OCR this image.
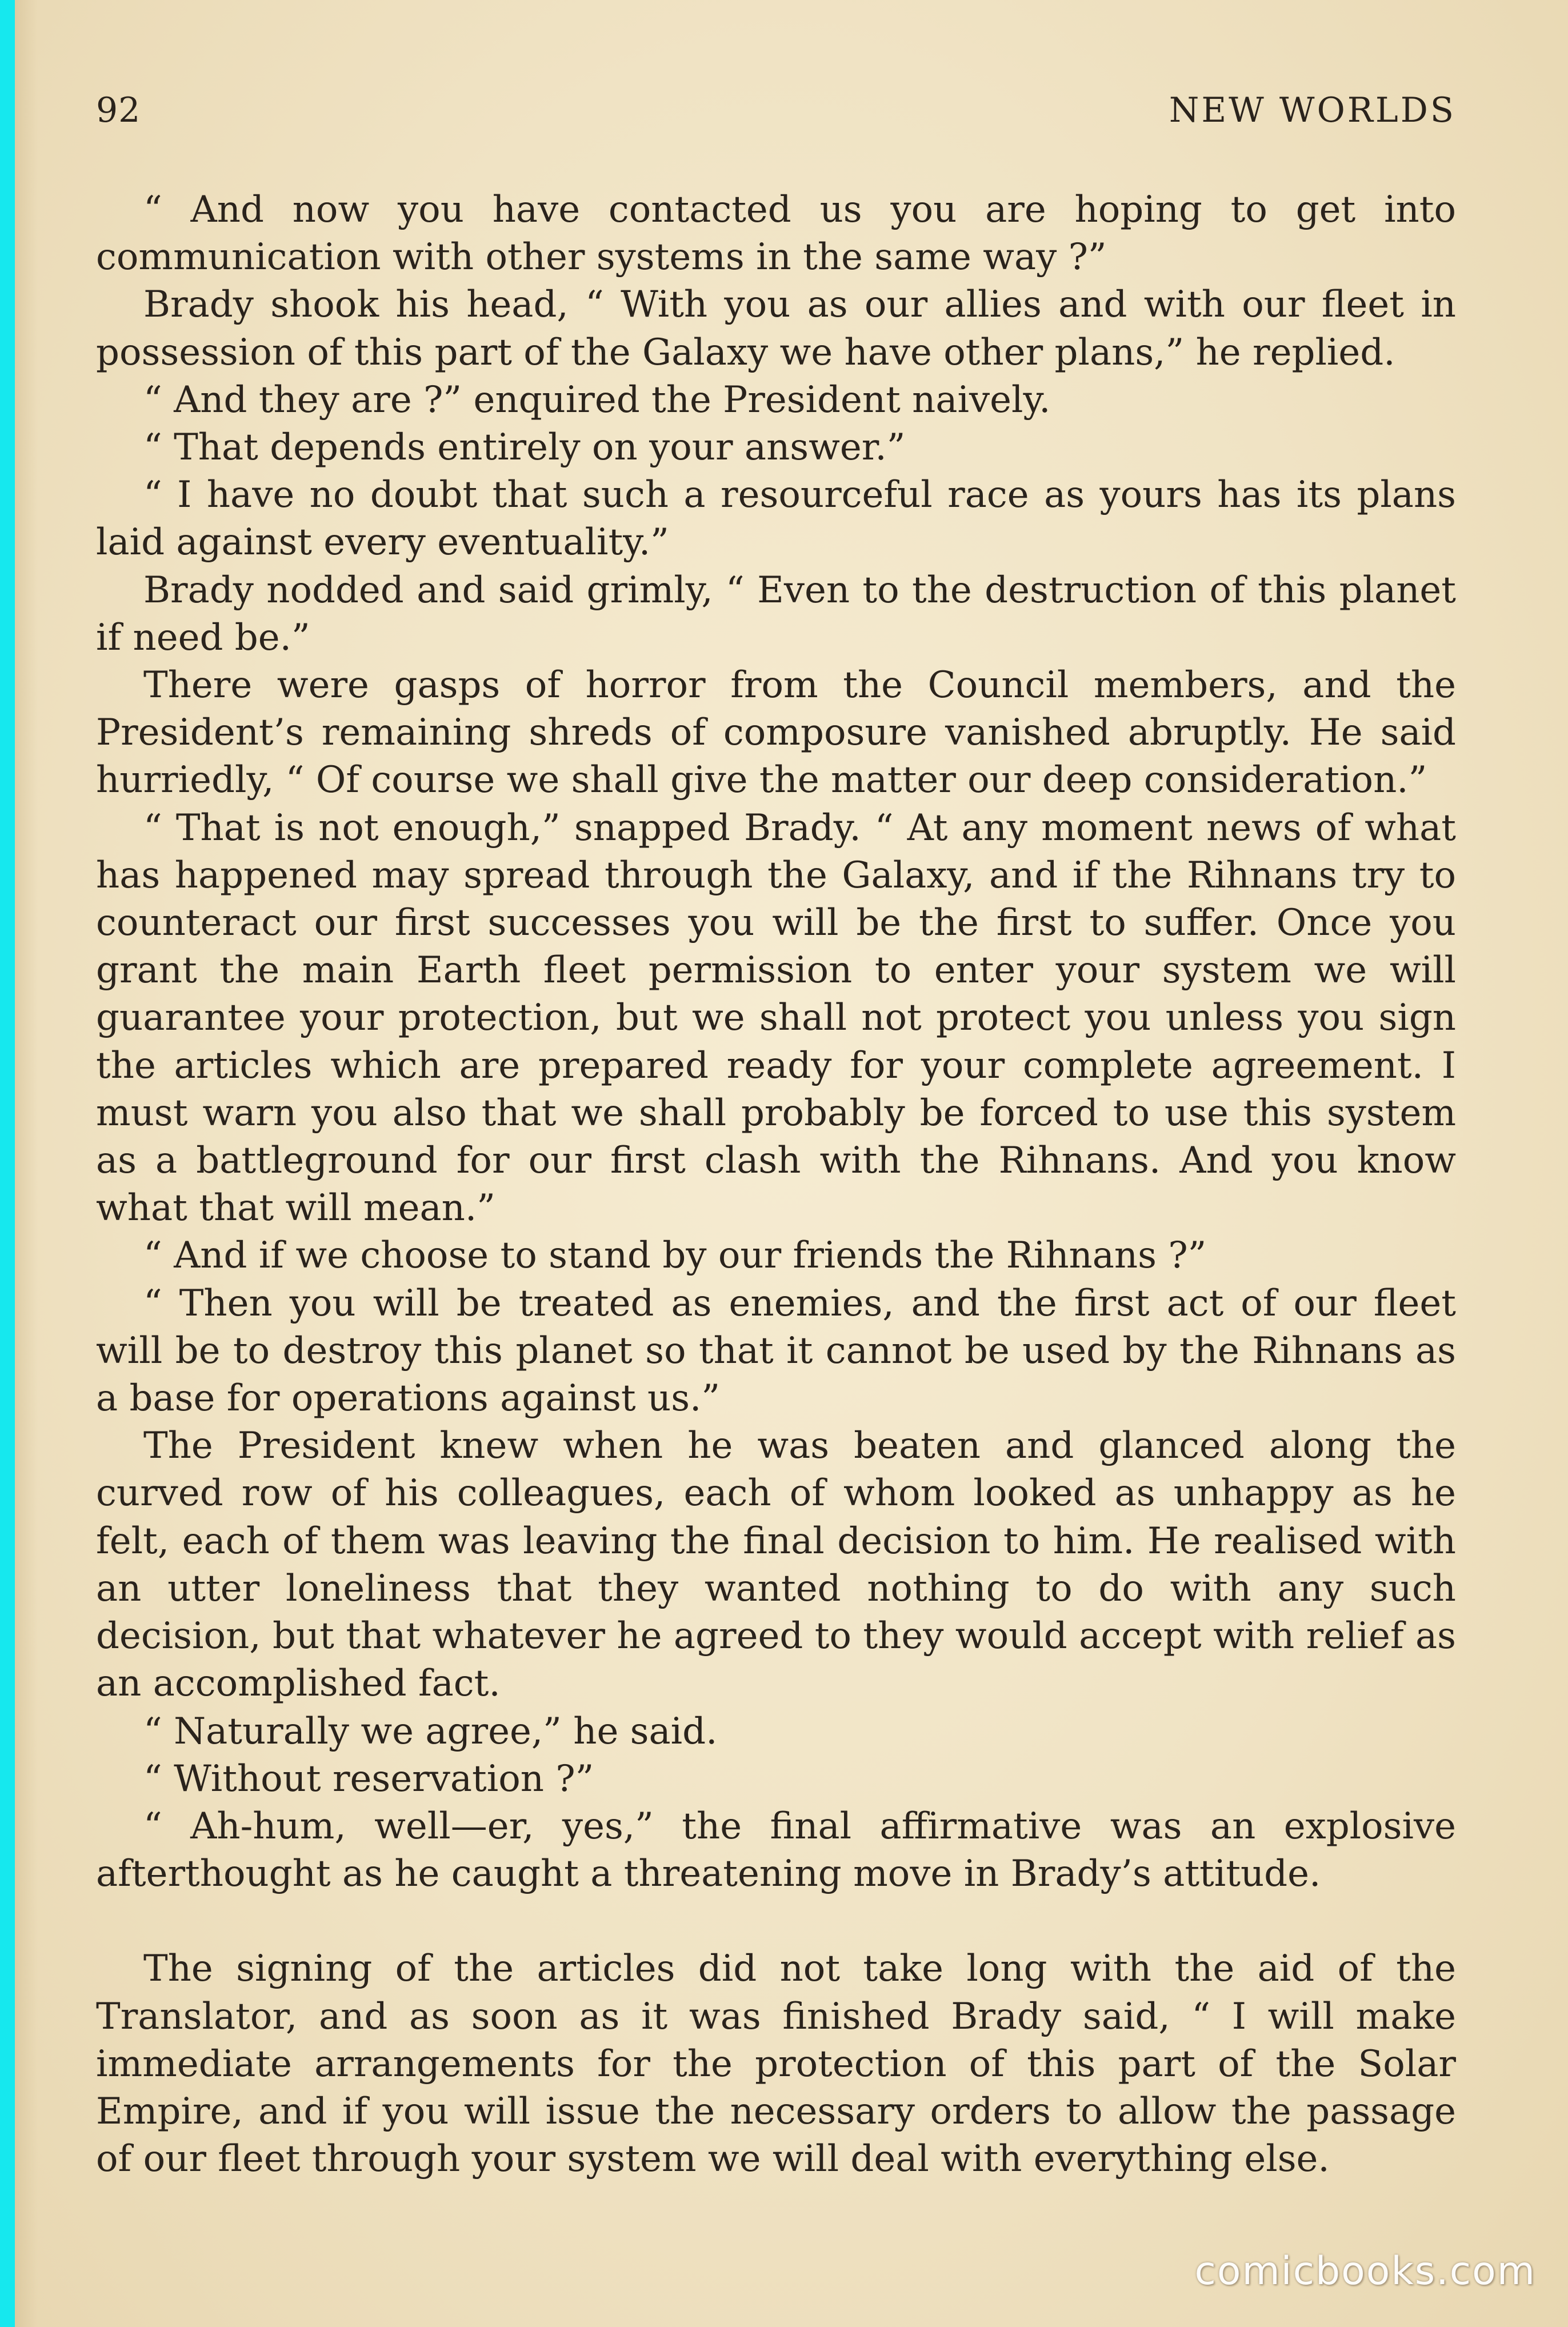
92	NEW WORLDS

“ And now you have contacted us you are hoping to get into communication with other systems in the same way ?”

Brady shook his head, “ With you as our allies and with our fleet in possession of this part of the Galaxy we have other plans,” he replied.

“ And they are ?” enquired the President naively.

“ That depends entirely on your answer.”

“ I have no doubt that such a resourceful race as yours has its plans laid against every eventuality.”

Brady nodded and said grimly, “ Even to the destruction of this planet if need be.”

There were gasps of horror from the Council members, and the President’s remaining shreds of composure vanished abruptly. He said hurriedly, “ Of course we shall give the matter our deep consideration.”

“ That is not enough,” snapped Brady. “ At any moment news of what has happened may spread through the Galaxy, and if the Rihnans try to counteract our first successes you will be the first to suffer. Once you grant the main Earth fleet permission to enter your system we will guarantee your protection, but we shall not protect you unless you sign the articles which are prepared ready for your complete agreement. I must warn you also that we shall probably be forced to use this system as a battleground for our first clash with the Rihnans. And you know what that will mean.”

“ And if we choose to stand by our friends the Rihnans ?”

“ Then you will be treated as enemies, and the first act of our fleet will be to destroy this planet so that it cannot be used by the Rihnans as a base for operations against us.”

The President knew when he was beaten and glanced along the curved row of his colleagues, each of whom looked as unhappy as he felt, each of them was leaving the final decision to him. He realised with an utter loneliness that they wanted nothing to do with any such decision, but that whatever he agreed to they would accept with relief as an accomplished fact.

“ Naturally we agree,” he said.

“ Without reservation ?”

“ Ah-hum, well—er, yes,” the final affirmative was an explosive afterthought as he caught a threatening move in Brady’s attitude.

The signing of the articles did not take long with the aid of the Translator, and as soon as it was finished Brady said, “ I will make immediate arrangements for the protection of this part of the Solar Empire, and if you will issue the necessary orders to allow the passage of our fleet through your system we will deal with everything else.

comicbooks.com
